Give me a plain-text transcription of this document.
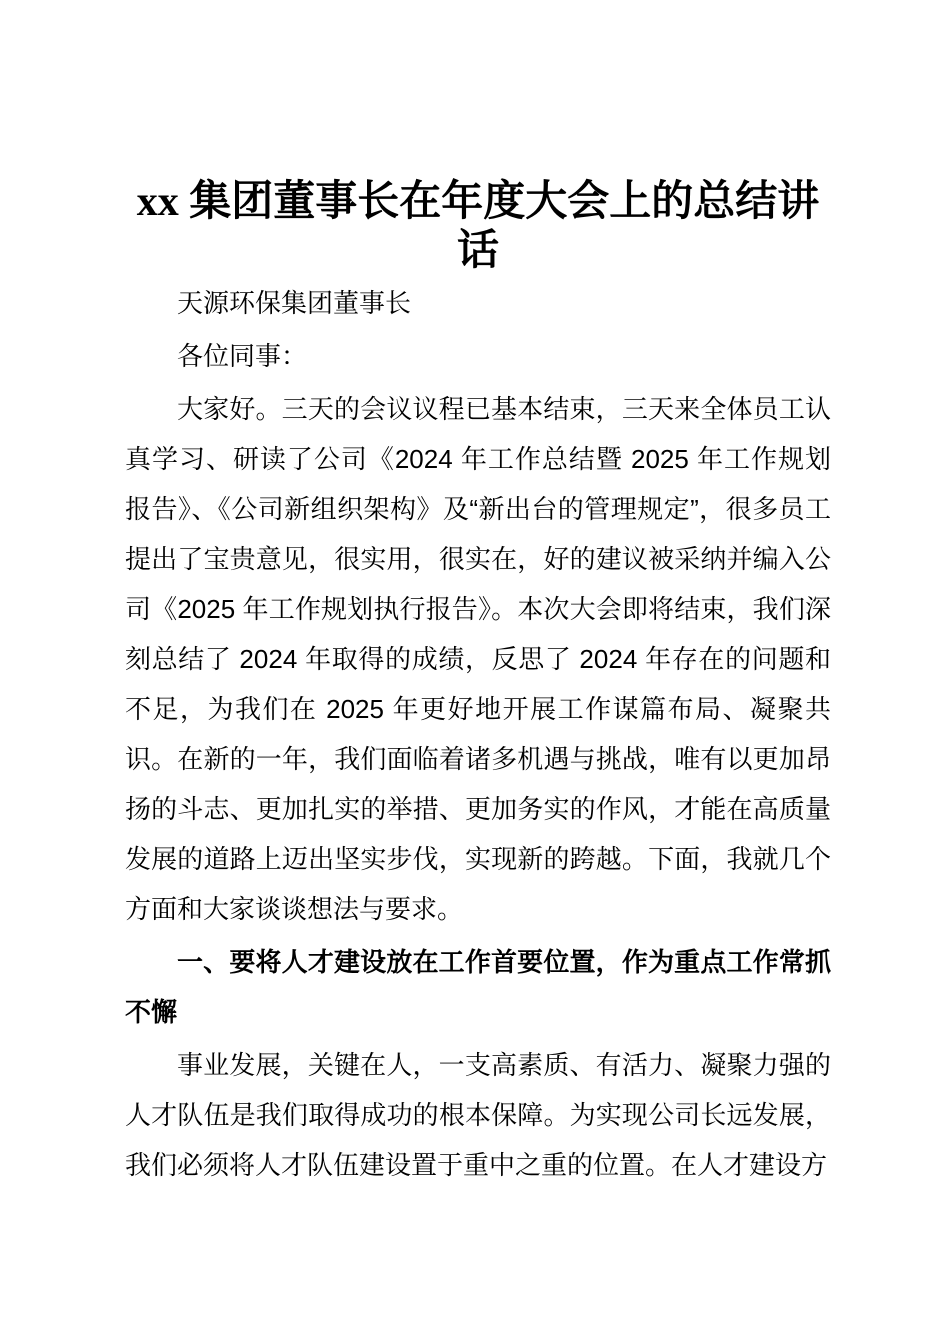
xx 集团董事长在年度大会上的总结讲话

天源环保集团董事长

各位同事：

大家好。三天的会议议程已基本结束，三天来全体员工认真学习、研读了公司《2024 年工作总结暨 2025 年工作规划报告》、《公司新组织架构》及“新出台的管理规定”，很多员工提出了宝贵意见，很实用，很实在，好的建议被采纳并编入公司《2025 年工作规划执行报告》。本次大会即将结束，我们深刻总结了 2024 年取得的成绩，反思了 2024 年存在的问题和不足，为我们在 2025 年更好地开展工作谋篇布局、凝聚共识。在新的一年，我们面临着诸多机遇与挑战，唯有以更加昂扬的斗志、更加扎实的举措、更加务实的作风，才能在高质量发展的道路上迈出坚实步伐，实现新的跨越。下面，我就几个方面和大家谈谈想法与要求。

一、要将人才建设放在工作首要位置，作为重点工作常抓不懈

事业发展，关键在人，一支高素质、有活力、凝聚力强的人才队伍是我们取得成功的根本保障。为实现公司长远发展，我们必须将人才队伍建设置于重中之重的位置。在人才建设方
